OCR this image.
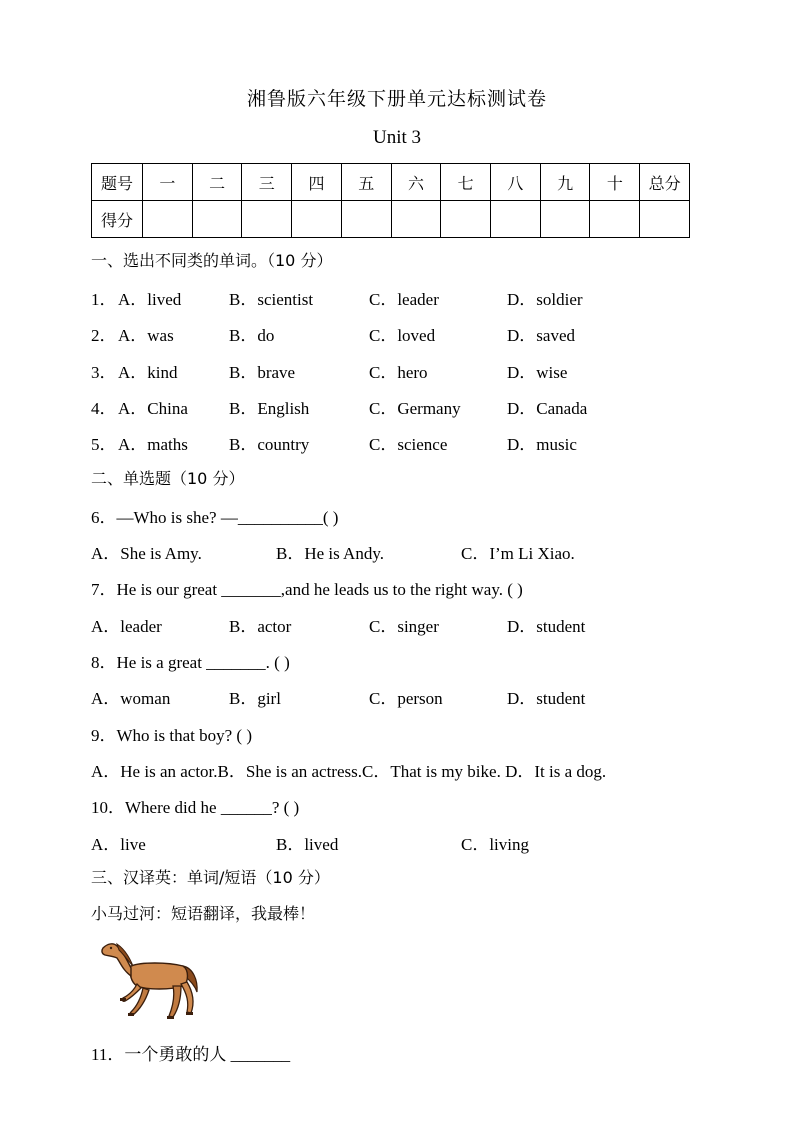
湘鲁版六年级下册单元达标测试卷
Unit 3
题号	一	二	三	四	五	六	七	八	九	十	总分
得分											
一、选出不同类的单词。（10 分）
1． A．lived	B．scientist	C．leader	D．soldier
2． A．was	B．do	C．loved	D．saved
3． A．kind	B．brave	C．hero	D．wise
4． A．China B．English	C．Germany	D．Canada
5． A．maths B．country	C．science	D．music
二、单选题（10 分）
6．—Who is she? —__________( )
A．She is Amy.	B．He is Andy.	C．I’m Li Xiao.
7．He is our great _______,and he leads us to the right way. ( )
A．leader	B．actor	C．singer	D．student
8．He is a great _______. ( )
A．woman	B．girl	C．person	D．student
9．Who is that boy? ( )
A．He is an actor.B．She is an actress.C．That is my bike. D．It is a dog.
10．Where did he ______? ( )
A．live	B．lived	C．living
三、汉译英：单词/短语（10 分）
小马过河：短语翻译，我最棒！
11．一个勇敢的人 _______
